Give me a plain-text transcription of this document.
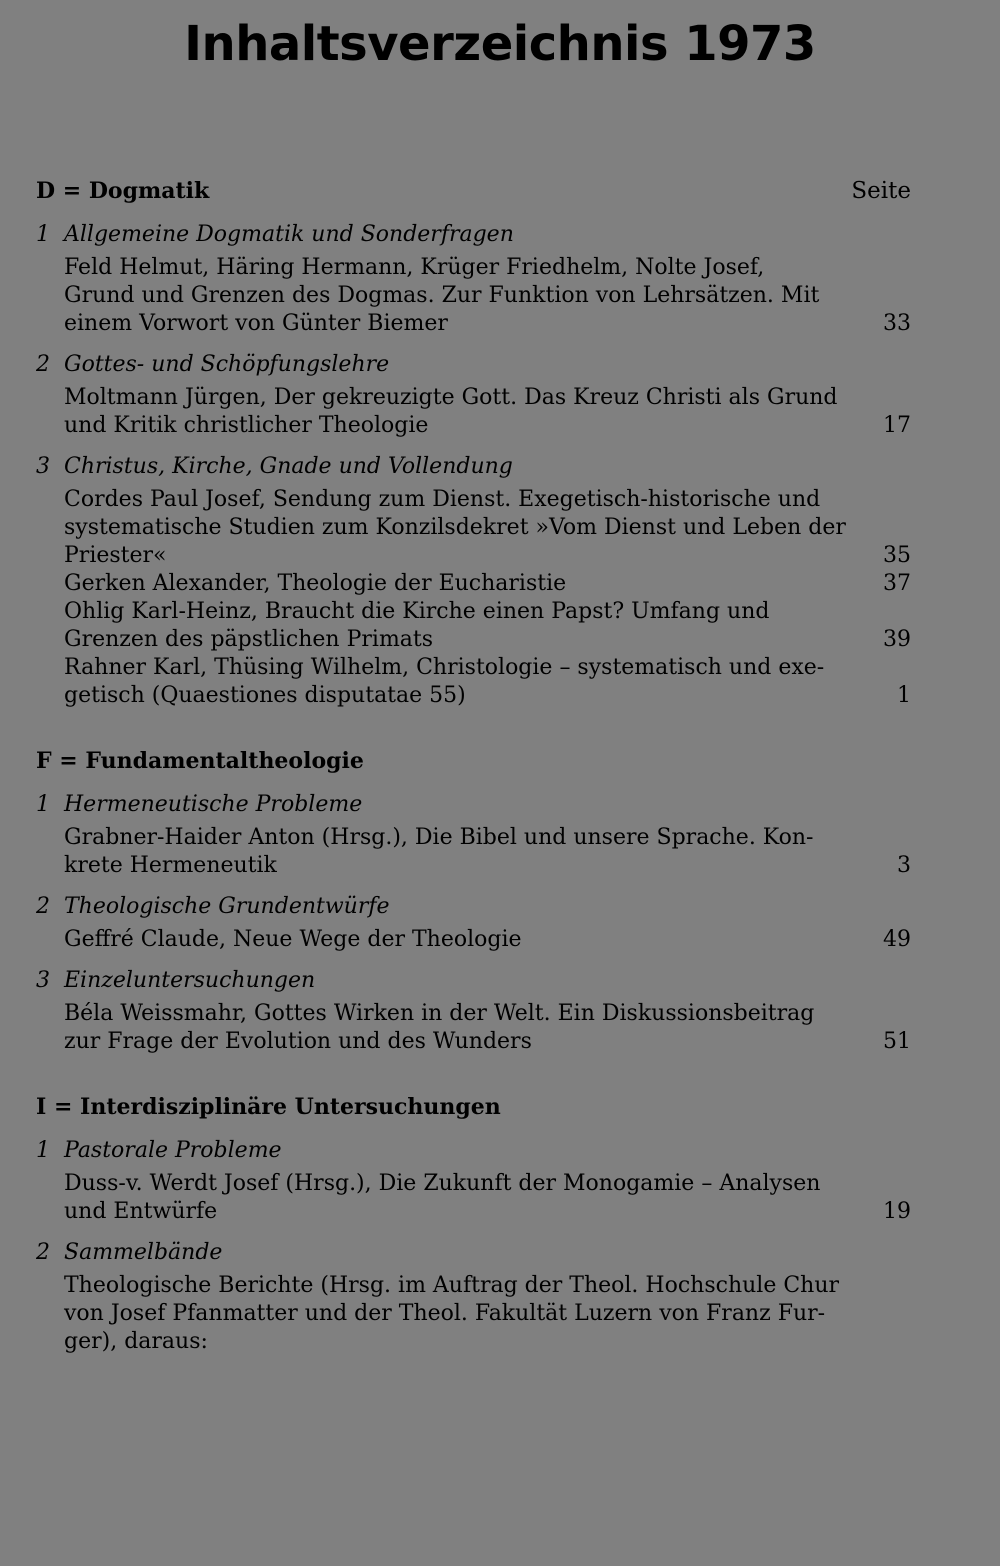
Inhaltsverzeichnis 1973
D = Dogmatik	Seite
1 Allgemeine Dogmatik und Sonderfragen
Feld Helmut, Häring Hermann, Krüger Friedhelm, Nolte Josef,
Grund und Grenzen des Dogmas. Zur Funktion von Lehrsätzen. Mit
einem Vorwort von Günter Biemer	33
2 Gottes- und Schöpfungslehre
Moltmann Jürgen, Der gekreuzigte Gott. Das Kreuz Christi als Grund
und Kritik christlicher Theologie	17
3 Christus, Kirche, Gnade und Vollendung
Cordes Paul Josef, Sendung zum Dienst. Exegetisch-historische und
systematische Studien zum Konzilsdekret »Vom Dienst und Leben der
Priester«	35
Gerken Alexander, Theologie der Eucharistie	37
Ohlig Karl-Heinz, Braucht die Kirche einen Papst? Umfang und
Grenzen des päpstlichen Primats	39
Rahner Karl, Thüsing Wilhelm, Christologie – systematisch und exe-
getisch (Quaestiones disputatae 55)	1
F = Fundamentaltheologie
1 Hermeneutische Probleme
Grabner-Haider Anton (Hrsg.), Die Bibel und unsere Sprache. Kon-
krete Hermeneutik	3
2 Theologische Grundentwürfe
Geffré Claude, Neue Wege der Theologie	49
3 Einzeluntersuchungen
Béla Weissmahr, Gottes Wirken in der Welt. Ein Diskussionsbeitrag
zur Frage der Evolution und des Wunders	51
I = Interdisziplinäre Untersuchungen
1 Pastorale Probleme
Duss-v. Werdt Josef (Hrsg.), Die Zukunft der Monogamie – Analysen
und Entwürfe	19
2 Sammelbände
Theologische Berichte (Hrsg. im Auftrag der Theol. Hochschule Chur
von Josef Pfanmatter und der Theol. Fakultät Luzern von Franz Fur-
ger), daraus:
